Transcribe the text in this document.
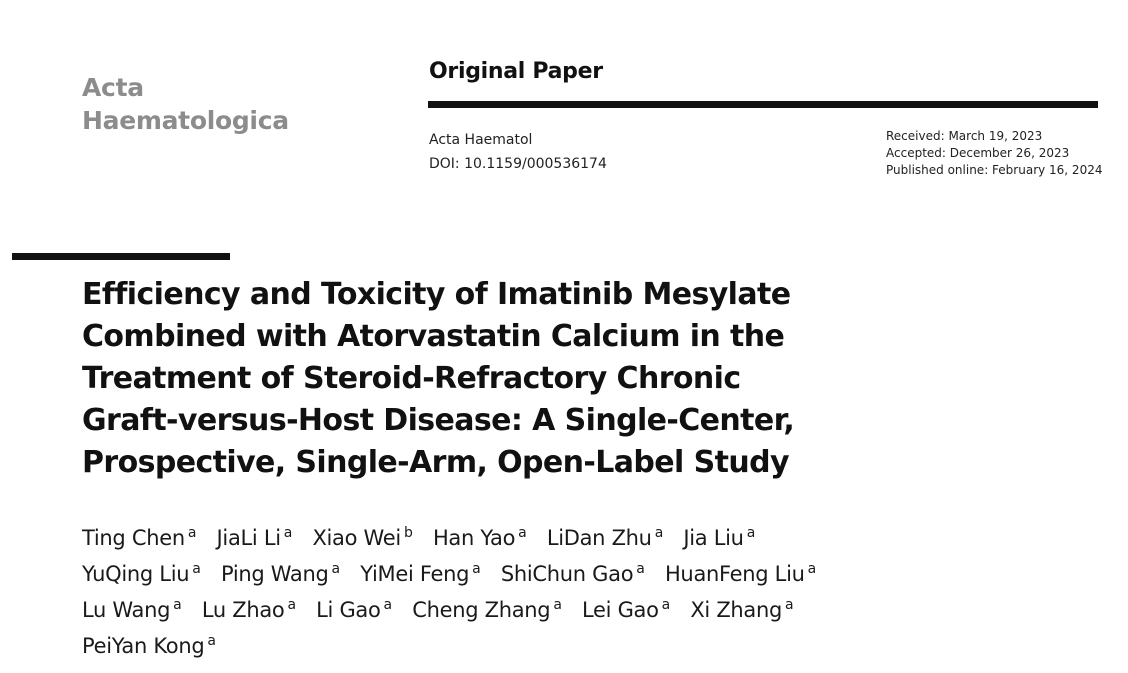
Acta
Haematologica
Original Paper
Acta Haematol
DOI: 10.1159/000536174
Received: March 19, 2023
Accepted: December 26, 2023
Published online: February 16, 2024
Efficiency and Toxicity of Imatinib Mesylate
Combined with Atorvastatin Calcium in the
Treatment of Steroid-Refractory Chronic
Graft-versus-Host Disease: A Single-Center,
Prospective, Single-Arm, Open-Label Study
Ting Chen $^a$ JiaLi Li $^a$ Xiao Wei $^b$ Han Yao $^a$ LiDan Zhu $^a$ Jia Liu $^a$
YuQing Liu $^a$ Ping Wang $^a$ YiMei Feng $^a$ ShiChun Gao $^a$ HuanFeng Liu $^a$
Lu Wang $^a$ Lu Zhao $^a$ Li Gao $^a$ Cheng Zhang $^a$ Lei Gao $^a$ Xi Zhang $^a$
PeiYan Kong $^a$
